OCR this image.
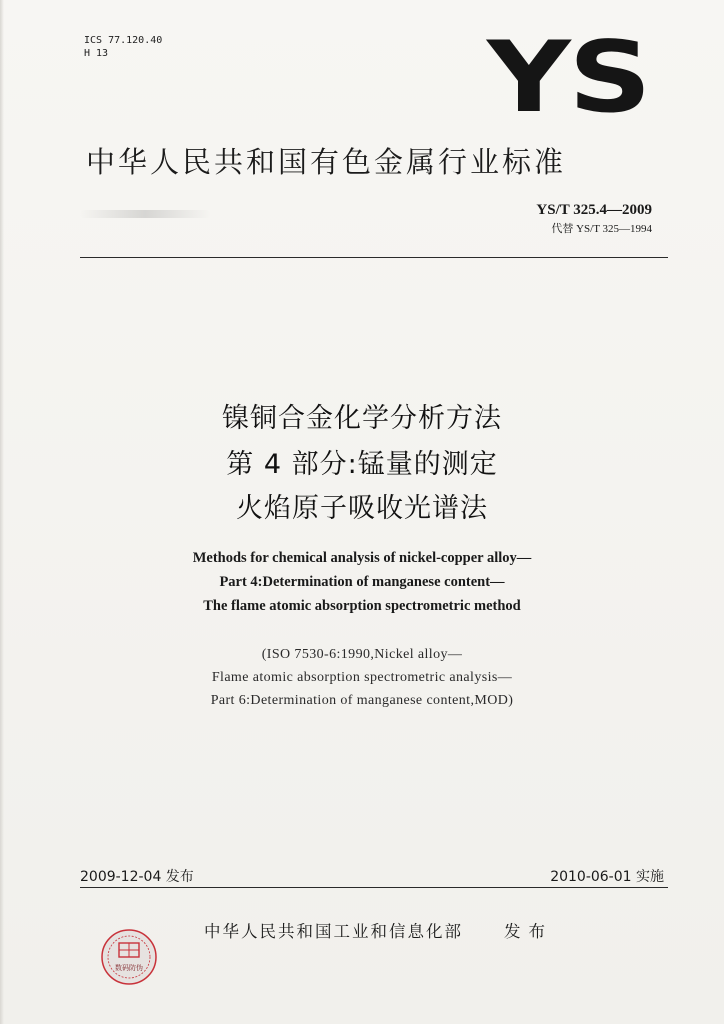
ICS 77.120.40
H 13	YS
中华人民共和国有色金属行业标准
YS/T 325.4—2009
代替 YS/T 325—1994
镍铜合金化学分析方法
第 4 部分:锰量的测定
火焰原子吸收光谱法
Methods for chemical analysis of nickel-copper alloy—
Part 4:Determination of manganese content—
The flame atomic absorption spectrometric method
(ISO 7530-6:1990,Nickel alloy—
Flame atomic absorption spectrometric analysis—
Part 6:Determination of manganese content,MOD)
2009-12-04 发布	2010-06-01 实施
数码防伪
中华人民共和国工业和信息化部 发布
